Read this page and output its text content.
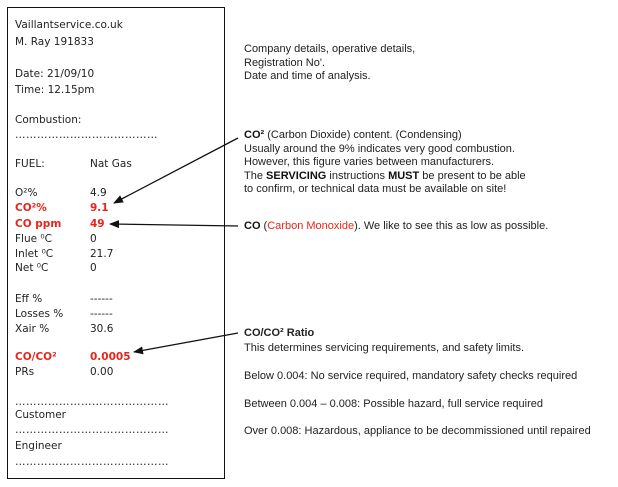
Vaillantservice.co.uk
M. Ray 191833
Date: 21/09/10
Time: 12.15pm
Combustion:
…………………………………
FUEL:	Nat Gas
O²%	4.9
CO²%	9.1
CO ppm	49
Flue ⁰C	0
Inlet ⁰C	21.7
Net ⁰C	0
Eff %	------
Losses %	------
Xair %	30.6
CO/CO²	0.0005
PRs	0.00
……………………………………
Customer
……………………………………
Engineer
……………………………………
Company details, operative details,
Registration No'.
Date and time of analysis.
CO² (Carbon Dioxide) content. (Condensing)
Usually around the 9% indicates very good combustion.
However, this figure varies between manufacturers.
The SERVICING instructions MUST be present to be able
to confirm, or technical data must be available on site!
CO (Carbon Monoxide). We like to see this as low as possible.
CO/CO² Ratio
This determines servicing requirements, and safety limits.
Below 0.004: No service required, mandatory safety checks required
Between 0.004 – 0.008: Possible hazard, full service required
Over 0.008: Hazardous, appliance to be decommissioned until repaired
